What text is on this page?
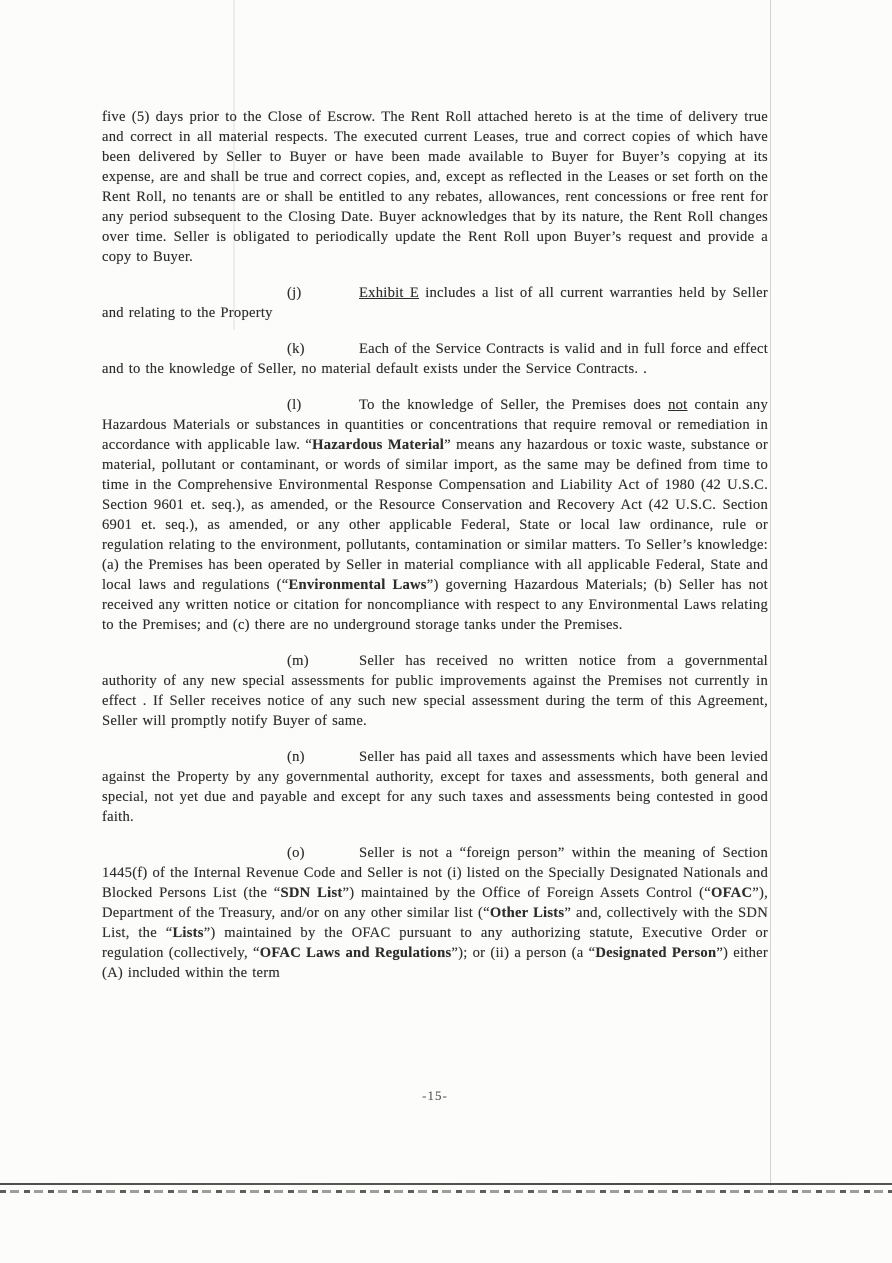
five (5) days prior to the Close of Escrow. The Rent Roll attached hereto is at the time of delivery true and correct in all material respects. The executed current Leases, true and correct copies of which have been delivered by Seller to Buyer or have been made available to Buyer for Buyer’s copying at its expense, are and shall be true and correct copies, and, except as reflected in the Leases or set forth on the Rent Roll, no tenants are or shall be entitled to any rebates, allowances, rent concessions or free rent for any period subsequent to the Closing Date. Buyer acknowledges that by its nature, the Rent Roll changes over time. Seller is obligated to periodically update the Rent Roll upon Buyer’s request and provide a copy to Buyer.

(j)	Exhibit E includes a list of all current warranties held by Seller and relating to the Property

(k)	Each of the Service Contracts is valid and in full force and effect and to the knowledge of Seller, no material default exists under the Service Contracts. .

(l)	To the knowledge of Seller, the Premises does not contain any Hazardous Materials or substances in quantities or concentrations that require removal or remediation in accordance with applicable law. “Hazardous Material” means any hazardous or toxic waste, substance or material, pollutant or contaminant, or words of similar import, as the same may be defined from time to time in the Comprehensive Environmental Response Compensation and Liability Act of 1980 (42 U.S.C. Section 9601 et. seq.), as amended, or the Resource Conservation and Recovery Act (42 U.S.C. Section 6901 et. seq.), as amended, or any other applicable Federal, State or local law ordinance, rule or regulation relating to the environment, pollutants, contamination or similar matters. To Seller’s knowledge: (a) the Premises has been operated by Seller in material compliance with all applicable Federal, State and local laws and regulations (“Environmental Laws”) governing Hazardous Materials; (b) Seller has not received any written notice or citation for noncompliance with respect to any Environmental Laws relating to the Premises; and (c) there are no underground storage tanks under the Premises.

(m)	Seller has received no written notice from a governmental authority of any new special assessments for public improvements against the Premises not currently in effect . If Seller receives notice of any such new special assessment during the term of this Agreement, Seller will promptly notify Buyer of same.

(n)	Seller has paid all taxes and assessments which have been levied against the Property by any governmental authority, except for taxes and assessments, both general and special, not yet due and payable and except for any such taxes and assessments being contested in good faith.

(o)	Seller is not a “foreign person” within the meaning of Section 1445(f) of the Internal Revenue Code and Seller is not (i) listed on the Specially Designated Nationals and Blocked Persons List (the “SDN List”) maintained by the Office of Foreign Assets Control (“OFAC”), Department of the Treasury, and/or on any other similar list (“Other Lists” and, collectively with the SDN List, the “Lists”) maintained by the OFAC pursuant to any authorizing statute, Executive Order or regulation (collectively, “OFAC Laws and Regulations”); or (ii) a person (a “Designated Person”) either (A) included within the term

-15-
